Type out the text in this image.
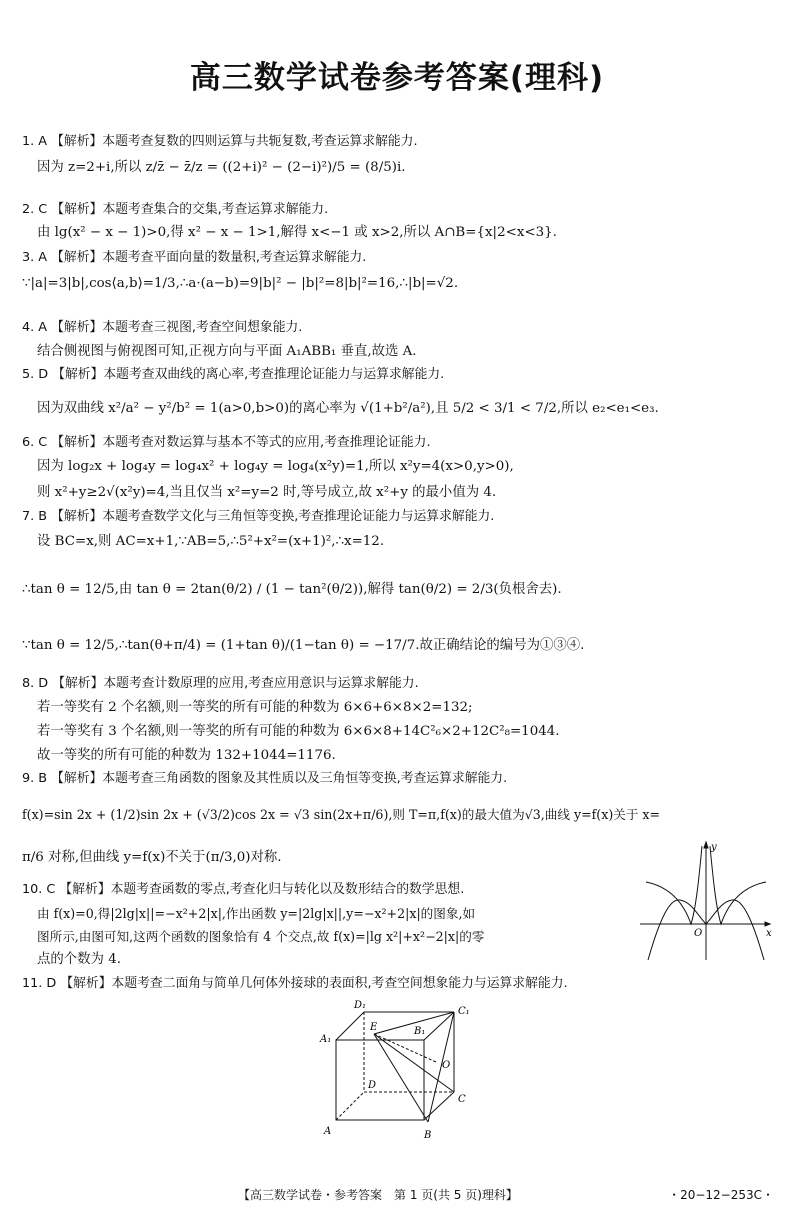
高三数学试卷参考答案(理科)
1. A 【解析】本题考查复数的四则运算与共轭复数,考查运算求解能力.
因为 z=2+i,所以 z/z̄ − z̄/z = ((2+i)² − (2−i)²)/5 = (8/5)i.
2. C 【解析】本题考查集合的交集,考查运算求解能力.
由 lg(x² − x − 1)>0,得 x² − x − 1>1,解得 x<−1 或 x>2,所以 A∩B={x|2<x<3}.
3. A 【解析】本题考查平面向量的数量积,考查运算求解能力.
∵|a|=3|b|,cos⟨a,b⟩=1/3,∴a·(a−b)=9|b|² − |b|²=8|b|²=16,∴|b|=√2.
4. A 【解析】本题考查三视图,考查空间想象能力.
结合侧视图与俯视图可知,正视方向与平面 A₁ABB₁ 垂直,故选 A.
5. D 【解析】本题考查双曲线的离心率,考查推理论证能力与运算求解能力.
因为双曲线 x²/a² − y²/b² = 1(a>0,b>0)的离心率为 √(1+b²/a²),且 5/2 < 3/1 < 7/2,所以 e₂<e₁<e₃.
6. C 【解析】本题考查对数运算与基本不等式的应用,考查推理论证能力.
因为 log₂x + log₄y = log₄x² + log₄y = log₄(x²y)=1,所以 x²y=4(x>0,y>0),
则 x²+y≥2√(x²y)=4,当且仅当 x²=y=2 时,等号成立,故 x²+y 的最小值为 4.
7. B 【解析】本题考查数学文化与三角恒等变换,考查推理论证能力与运算求解能力.
设 BC=x,则 AC=x+1,∵AB=5,∴5²+x²=(x+1)²,∴x=12.
∴tan θ = 12/5,由 tan θ = 2tan(θ/2) / (1 − tan²(θ/2)),解得 tan(θ/2) = 2/3(负根舍去).
∵tan θ = 12/5,∴tan(θ+π/4) = (1+tan θ)/(1−tan θ) = −17/7.故正确结论的编号为①③④.
8. D 【解析】本题考查计数原理的应用,考查应用意识与运算求解能力.
若一等奖有 2 个名额,则一等奖的所有可能的种数为 6×6+6×8×2=132;
若一等奖有 3 个名额,则一等奖的所有可能的种数为 6×6×8+14C²₆×2+12C²₈=1044.
故一等奖的所有可能的种数为 132+1044=1176.
9. B 【解析】本题考查三角函数的图象及其性质以及三角恒等变换,考查运算求解能力.
f(x)=sin 2x + (1/2)sin 2x + (√3/2)cos 2x = √3 sin(2x+π/6),则 T=π,f(x)的最大值为√3,曲线 y=f(x)关于 x=
π/6 对称,但曲线 y=f(x)不关于(π/3,0)对称.
10. C 【解析】本题考查函数的零点,考查化归与转化以及数形结合的数学思想.
由 f(x)=0,得|2lg|x||=−x²+2|x|,作出函数 y=|2lg|x||,y=−x²+2|x|的图象,如
图所示,由图可知,这两个函数的图象恰有 4 个交点,故 f(x)=|lg x²|+x²−2|x|的零
点的个数为 4.
11. D 【解析】本题考查二面角与简单几何体外接球的表面积,考查空间想象能力与运算求解能力.
y
x
O
D₁
C₁
A₁
E	B₁
O
D
C
A	B
【高三数学试卷・参考答案　第 1 页(共 5 页)理科】	・20−12−253C・
